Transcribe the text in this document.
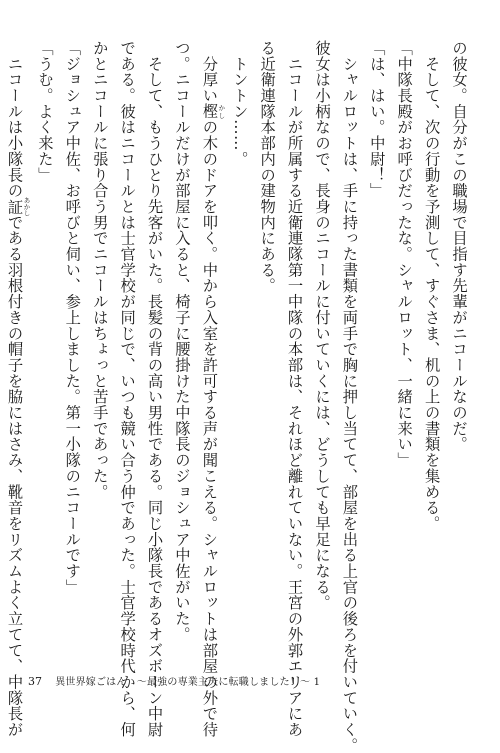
の彼女。自分がこの職場で目指す先輩がニコールなのだ。
　そして、次の行動を予測して、すぐさま、机の上の書類を集める。
「中隊長殿がお呼びだったな。シャルロット、一緒に来い」
「は、はい。中尉！」
　シャルロットは、手に持った書類を両手で胸に押し当てて、部屋を出る上官の後ろを付いていく。
彼女は小柄なので、長身のニコールに付いていくには、どうしても早足になる。
　ニコールが所属する近衛連隊第一中隊の本部は、それほど離れていない。王宮の外郭エリアにあ
る近衛連隊本部内の建物内にある。
　トントン……。
　分厚い樫 かしの木のドアを叩く。中から入室を許可する声が聞こえる。シャルロットは部屋の外で待
つ。ニコールだけが部屋に入ると、椅子に腰掛けた中隊長のジョシュア中佐がいた。
　そして、もうひとり先客がいた。長髪の背の高い男性である。同じ小隊長であるオズボーン中尉
である。彼はニコールとは士官学校が同じで、いつも競い合う仲であった。士官学校時代から、何
かとニコールに張り合う男でニコールはちょっと苦手であった。
「ジョシュア中佐、お呼びと伺い、参上しました。第一小隊のニコールです」
「うむ。よく来た」
　ニコールは小隊長の証 あかしである羽根付きの帽子を脇にはさみ、靴音をリズムよく立てて、中隊長が 37 異世界嫁ごはん　～最強の専業主夫に転職しました！～ 1
